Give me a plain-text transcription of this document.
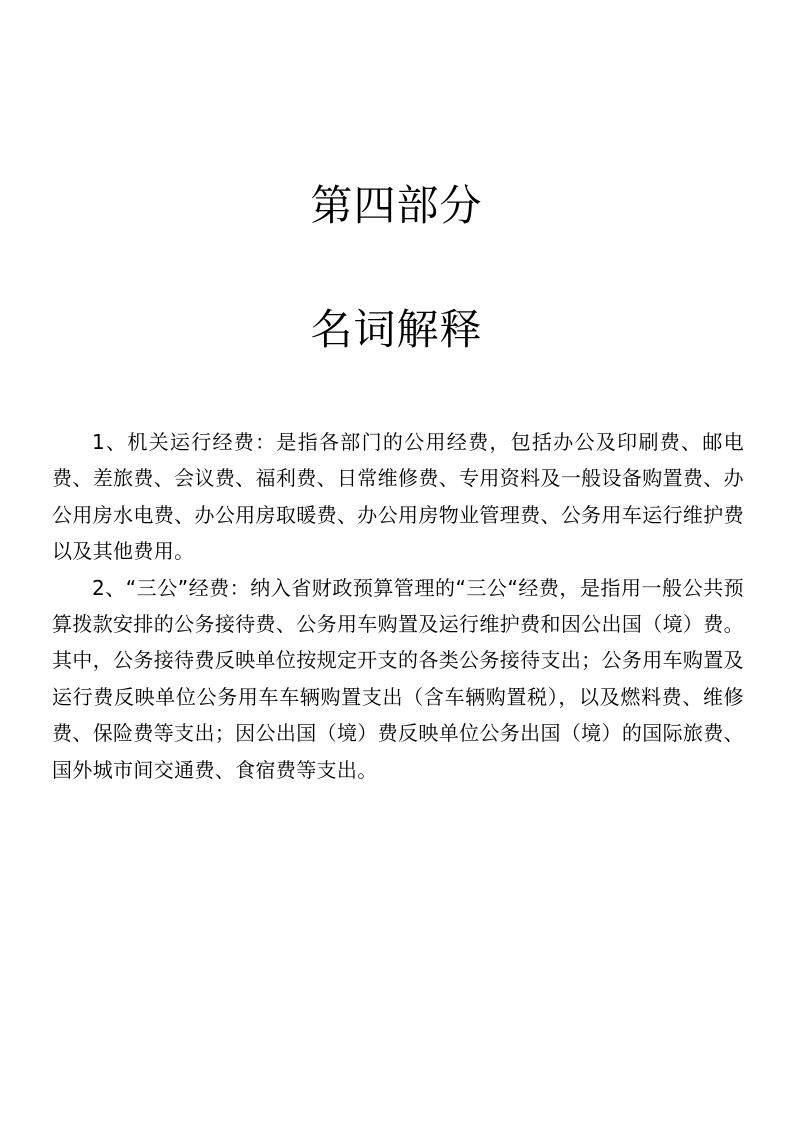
第四部分
名词解释

1、机关运行经费：是指各部门的公用经费，包括办公及印刷费、邮电费、差旅费、会议费、福利费、日常维修费、专用资料及一般设备购置费、办公用房水电费、办公用房取暖费、办公用房物业管理费、公务用车运行维护费以及其他费用。

2、“三公”经费：纳入省财政预算管理的“三公“经费，是指用一般公共预算拨款安排的公务接待费、公务用车购置及运行维护费和因公出国（境）费。其中，公务接待费反映单位按规定开支的各类公务接待支出；公务用车购置及运行费反映单位公务用车车辆购置支出（含车辆购置税），以及燃料费、维修费、保险费等支出；因公出国（境）费反映单位公务出国（境）的国际旅费、国外城市间交通费、食宿费等支出。
